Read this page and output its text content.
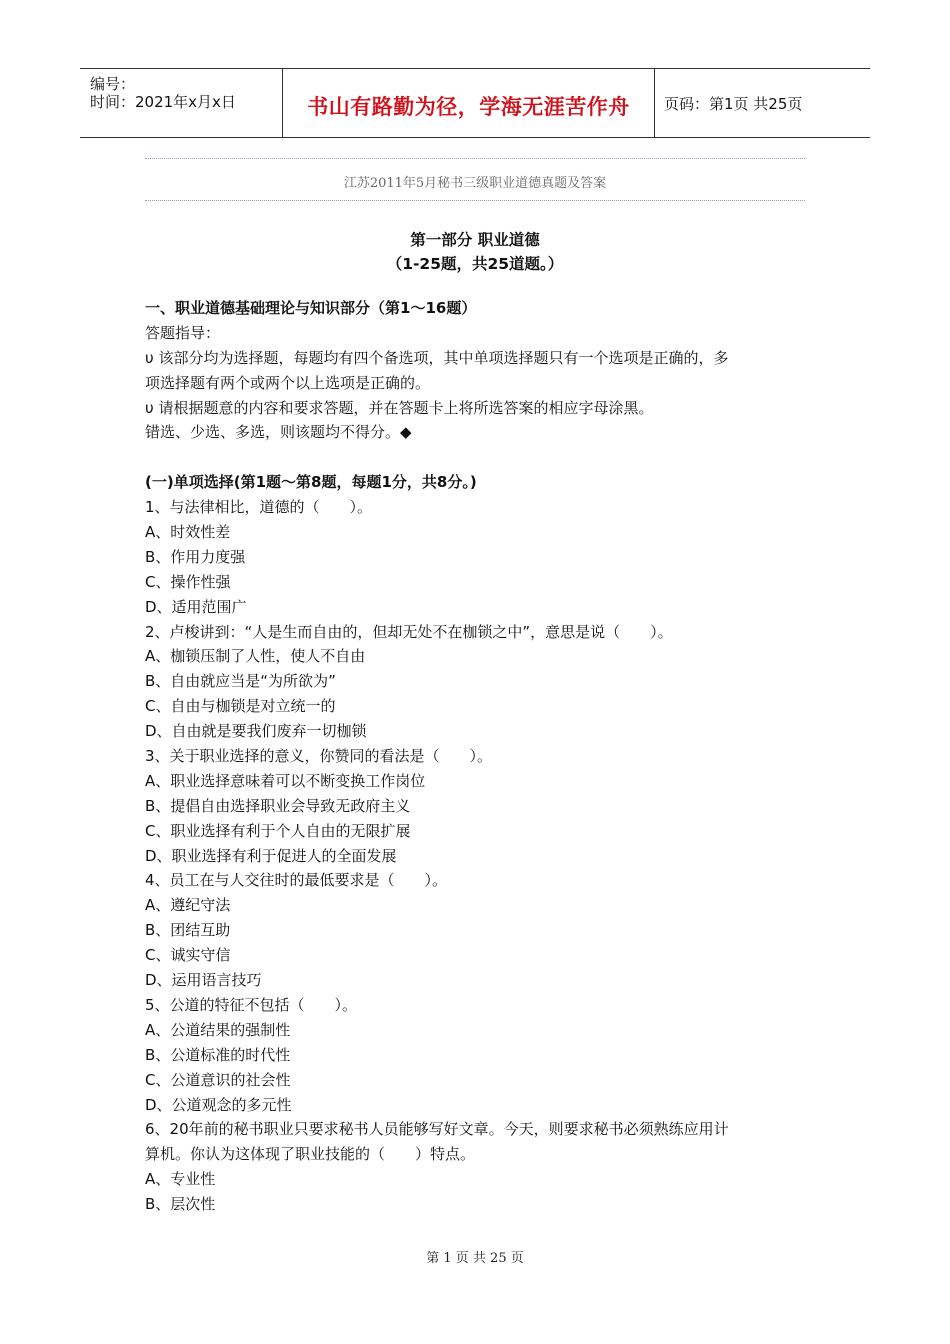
编号：
时间：2021年x月x日	书山有路勤为径，学海无涯苦作舟	页码：第1页 共25页
江苏2011年5月秘书三级职业道德真题及答案
第一部分 职业道德
（1-25题，共25道题。）
一、职业道德基础理论与知识部分（第1～16题）
答题指导：
υ 该部分均为选择题，每题均有四个备选项，其中单项选择题只有一个选项是正确的，多
项选择题有两个或两个以上选项是正确的。
υ 请根据题意的内容和要求答题，并在答题卡上将所选答案的相应字母涂黑。
错选、少选、多选，则该题均不得分。◆
(一)单项选择(第1题～第8题，每题1分，共8分。)
1、与法律相比，道德的（　　）。
A、时效性差
B、作用力度强
C、操作性强
D、适用范围广
2、卢梭讲到：“人是生而自由的，但却无处不在枷锁之中”，意思是说（　　）。
A、枷锁压制了人性，使人不自由
B、自由就应当是“为所欲为”
C、自由与枷锁是对立统一的
D、自由就是要我们废弃一切枷锁
3、关于职业选择的意义，你赞同的看法是（　　）。
A、职业选择意味着可以不断变换工作岗位
B、提倡自由选择职业会导致无政府主义
C、职业选择有利于个人自由的无限扩展
D、职业选择有利于促进人的全面发展
4、员工在与人交往时的最低要求是（　　）。
A、遵纪守法
B、团结互助
C、诚实守信
D、运用语言技巧
5、公道的特征不包括（　　）。
A、公道结果的强制性
B、公道标准的时代性
C、公道意识的社会性
D、公道观念的多元性
6、20年前的秘书职业只要求秘书人员能够写好文章。今天，则要求秘书必须熟练应用计
算机。你认为这体现了职业技能的（　　）特点。
A、专业性
B、层次性
第 1 页 共 25 页
